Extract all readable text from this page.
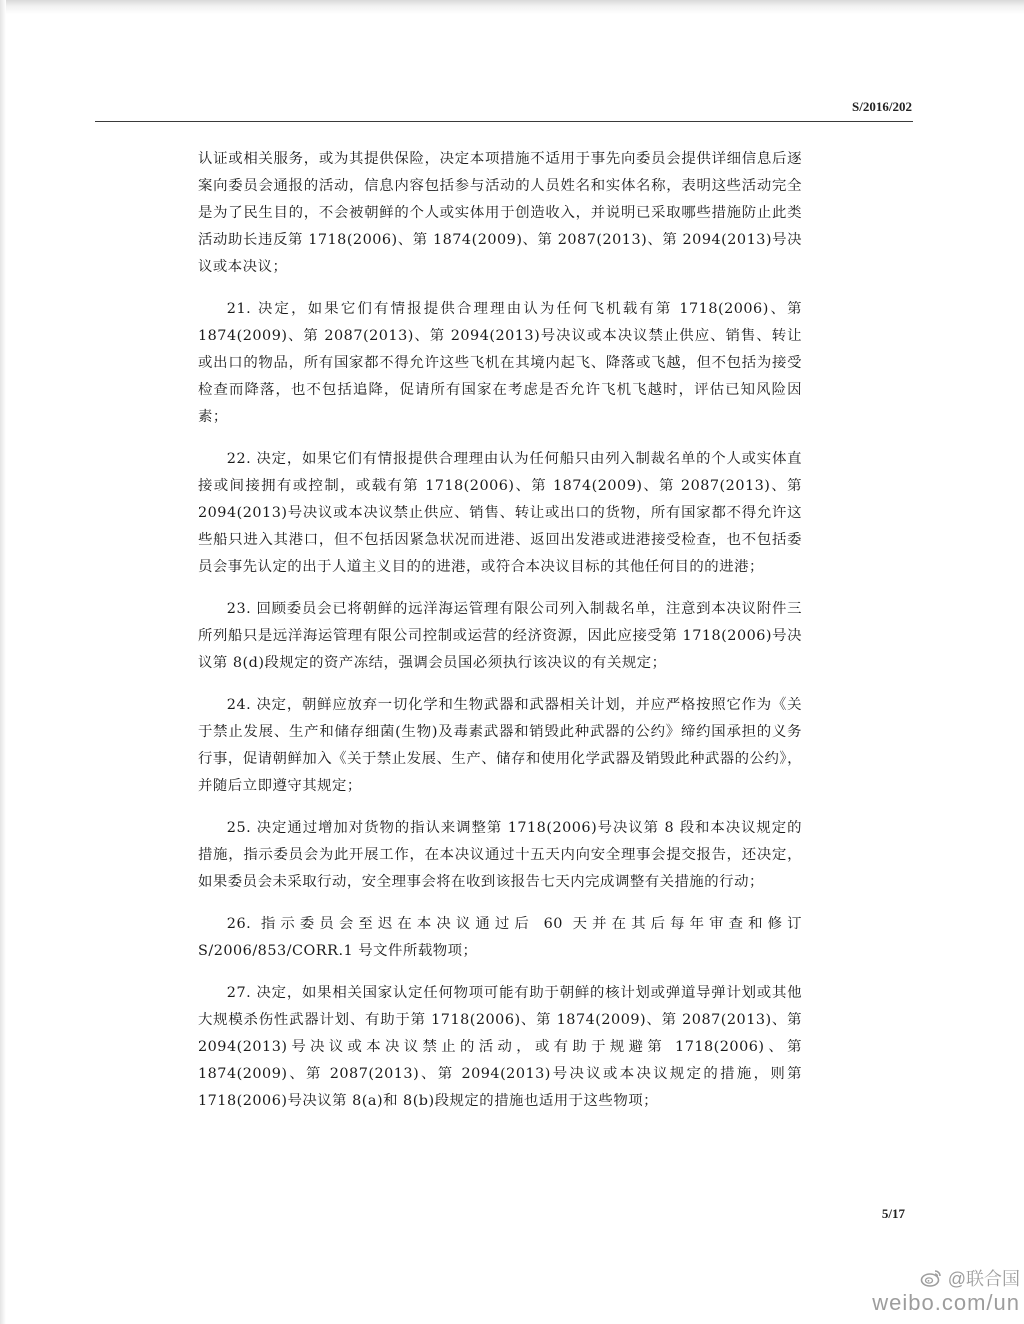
S/2016/202

认证或相关服务，或为其提供保险，决定本项措施不适用于事先向委员会提供详细信息后逐案向委员会通报的活动，信息内容包括参与活动的人员姓名和实体名称，表明这些活动完全是为了民生目的，不会被朝鲜的个人或实体用于创造收入，并说明已采取哪些措施防止此类活动助长违反第 1718(2006)、第 1874(2009)、第 2087(2013)、第 2094(2013)号决议或本决议；

21. 决定，如果它们有情报提供合理理由认为任何飞机载有第 1718(2006)、第 1874(2009)、第 2087(2013)、第 2094(2013)号决议或本决议禁止供应、销售、转让或出口的物品，所有国家都不得允许这些飞机在其境内起飞、降落或飞越，但不包括为接受检查而降落，也不包括追降，促请所有国家在考虑是否允许飞机飞越时，评估已知风险因素；

22. 决定，如果它们有情报提供合理理由认为任何船只由列入制裁名单的个人或实体直接或间接拥有或控制，或载有第 1718(2006)、第 1874(2009)、第 2087(2013)、第 2094(2013)号决议或本决议禁止供应、销售、转让或出口的货物，所有国家都不得允许这些船只进入其港口，但不包括因紧急状况而进港、返回出发港或进港接受检查，也不包括委员会事先认定的出于人道主义目的的进港，或符合本决议目标的其他任何目的的进港；

23. 回顾委员会已将朝鲜的远洋海运管理有限公司列入制裁名单，注意到本决议附件三所列船只是远洋海运管理有限公司控制或运营的经济资源，因此应接受第 1718(2006)号决议第 8(d)段规定的资产冻结，强调会员国必须执行该决议的有关规定；

24. 决定，朝鲜应放弃一切化学和生物武器和武器相关计划，并应严格按照它作为《关于禁止发展、生产和储存细菌(生物)及毒素武器和销毁此种武器的公约》缔约国承担的义务行事，促请朝鲜加入《关于禁止发展、生产、储存和使用化学武器及销毁此种武器的公约》，并随后立即遵守其规定；

25. 决定通过增加对货物的指认来调整第 1718(2006)号决议第 8 段和本决议规定的措施，指示委员会为此开展工作，在本决议通过十五天内向安全理事会提交报告，还决定，如果委员会未采取行动，安全理事会将在收到该报告七天内完成调整有关措施的行动；

26. 指示委员会至迟在本决议通过后 60 天并在其后每年审查和修订S/2006/853/CORR.1 号文件所载物项；

27. 决定，如果相关国家认定任何物项可能有助于朝鲜的核计划或弹道导弹计划或其他大规模杀伤性武器计划、有助于第 1718(2006)、第 1874(2009)、第 2087(2013)、第 2094(2013)号决议或本决议禁止的活动，或有助于规避第 1718(2006)、第 1874(2009)、第 2087(2013)、第 2094(2013)号决议或本决议规定的措施，则第 1718(2006)号决议第 8(a)和 8(b)段规定的措施也适用于这些物项；

5/17
@联合国
weibo.com/un
